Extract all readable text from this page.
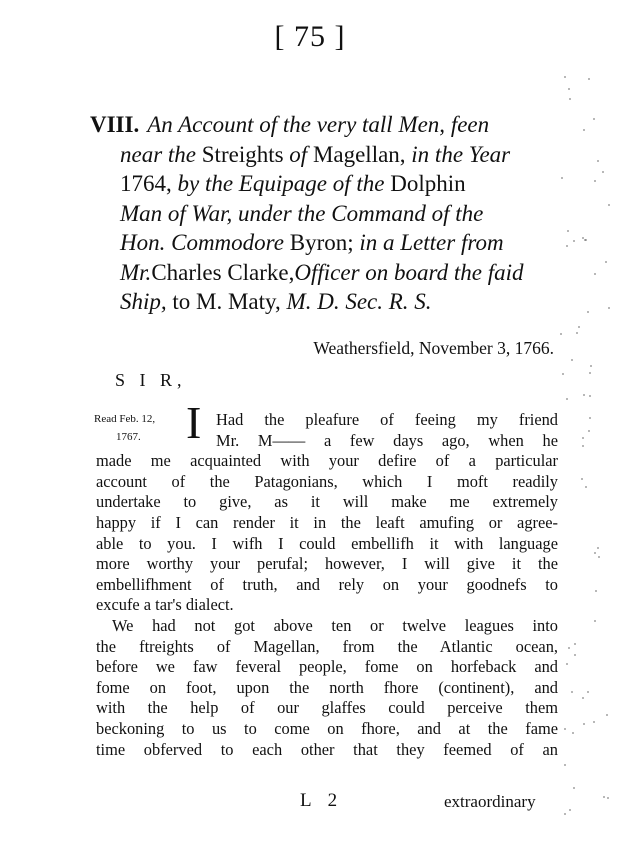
[ 75 ]
VIII. An Account of the very tall Men, feen
near the Streights of Magellan, in the Year
1764, by the Equipage of the Dolphin
Man of War, under the Command of the
Hon. Commodore Byron; in a Letter from
Mr.Charles Clarke,Officer on board the faid
Ship, to M. Maty, M. D. Sec. R. S.
Weathersfield, November 3, 1766.
S I R,
Read Feb. 12,
1767. I Had the pleafure of feeing my friend
Mr. M—— a few days ago, when he
made me acquainted with your defire of a particular
account of the Patagonians, which I moft readily
undertake to give, as it will make me extremely
happy if I can render it in the leaft amufing or agree-
able to you. I wifh I could embellifh it with language
more worthy your perufal; however, I will give it the
embellifhment of truth, and rely on your goodnefs to
excufe a tar's dialect.
We had not got above ten or twelve leagues into
the ftreights of Magellan, from the Atlantic ocean,
before we faw feveral people, fome on horfeback and
fome on foot, upon the north fhore (continent), and
with the help of our glaffes could perceive them
beckoning to us to come on fhore, and at the fame
time obferved to each other that they feemed of an
L 2	extraordinary
